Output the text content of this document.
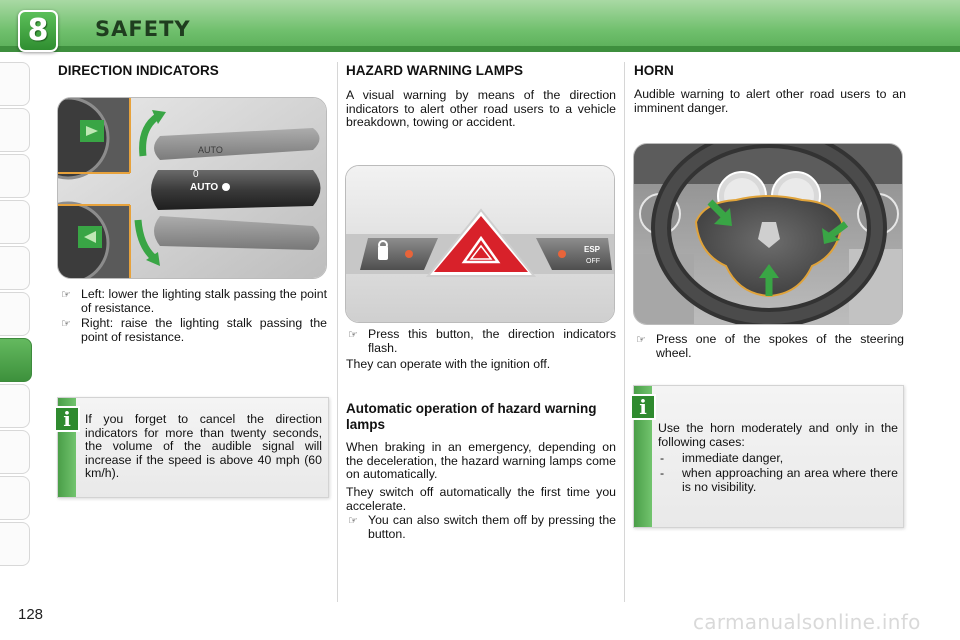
8	SAFETY
DIRECTION INDICATORS
AUTO
0
AUTO
☞ Left: lower the lighting stalk passing the point of resistance.
☞ Right: raise the lighting stalk passing the point of resistance.
i	If you forget to cancel the direction indicators for more than twenty seconds, the volume of the audible signal will increase if the speed is above 40 mph (60 km/h).
HAZARD WARNING LAMPS
A visual warning by means of the direction indicators to alert other road users to a vehicle breakdown, towing or accident.
ESP
OFF
☞ Press this button, the direction indicators flash.
They can operate with the ignition off.
Automatic operation of hazard warning lamps
When braking in an emergency, depending on the deceleration, the hazard warning lamps come on automatically.
They switch off automatically the first time you accelerate.
☞ You can also switch them off by pressing the button.
HORN
Audible warning to alert other road users to an imminent danger.
☞ Press one of the spokes of the steering wheel.
i
Use the horn moderately and only in the following cases:
- immediate danger,
- when approaching an area where there is no visibility.
128	carmanualsonline.info
